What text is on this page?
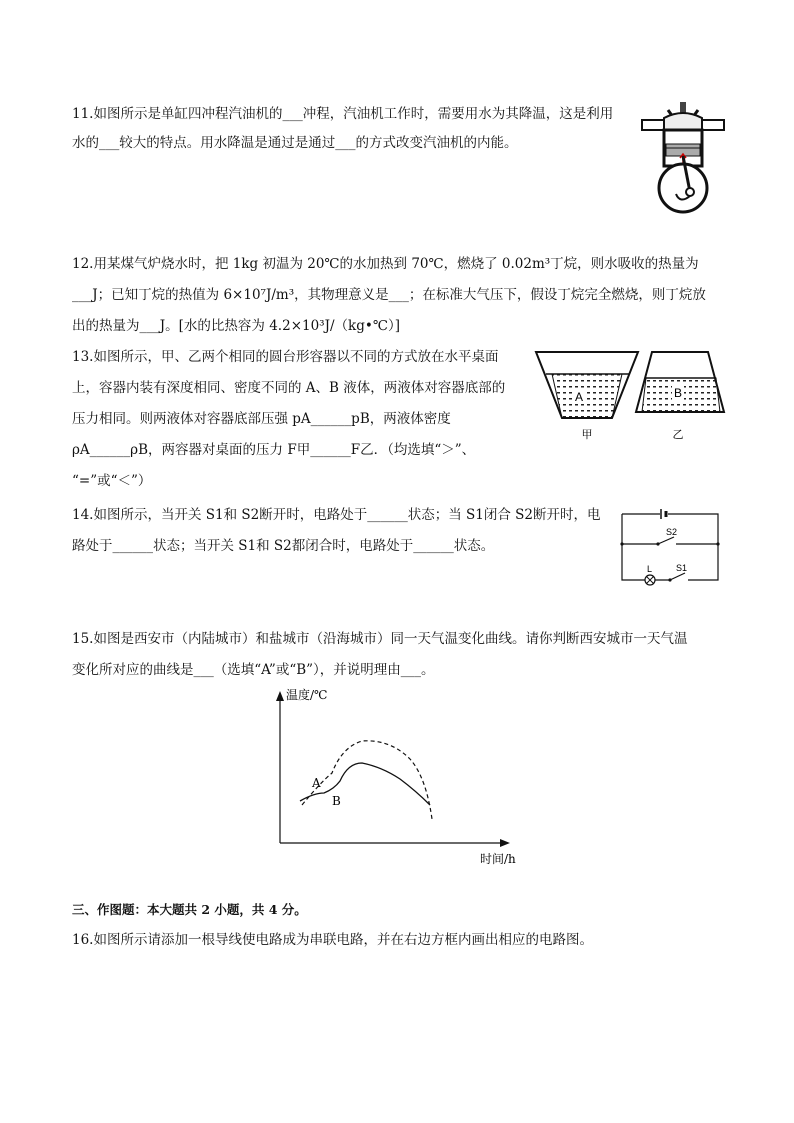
11.如图所示是单缸四冲程汽油机的___冲程，汽油机工作时，需要用水为其降温，这是利用
水的___较大的特点。用水降温是通过是通过___的方式改变汽油机的内能。
12.用某煤气炉烧水时，把 1kg 初温为 20℃的水加热到 70℃，燃烧了 0.02m³丁烷，则水吸收的热量为
___J；已知丁烷的热值为 6×10⁷J/m³，其物理意义是___；在标准大气压下，假设丁烷完全燃烧，则丁烷放
出的热量为___J。[水的比热容为 4.2×10³J/（kg•℃）]
13.如图所示，甲、乙两个相同的圆台形容器以不同的方式放在水平桌面
上，容器内装有深度相同、密度不同的 A、B 液体，两液体对容器底部的
压力相同。则两液体对容器底部压强 pA______pB，两液体密度
ρA______ρB，两容器对桌面的压力 F甲______F乙．（均选填“＞”、
“=”或“＜”）
A	B
甲	乙
14.如图所示，当开关 S1和 S2断开时，电路处于______状态；当 S1闭合 S2断开时，电
路处于______状态；当开关 S1和 S2都闭合时，电路处于______状态。
S2
L	S1
15.如图是西安市（内陆城市）和盐城市（沿海城市）同一天气温变化曲线。请你判断西安城市一天气温
变化所对应的曲线是___（选填“A”或“B”），并说明理由___。
温度/℃
时间/h
A
B
三、作图题：本大题共 2 小题，共 4 分。
16.如图所示请添加一根导线使电路成为串联电路，并在右边方框内画出相应的电路图。
